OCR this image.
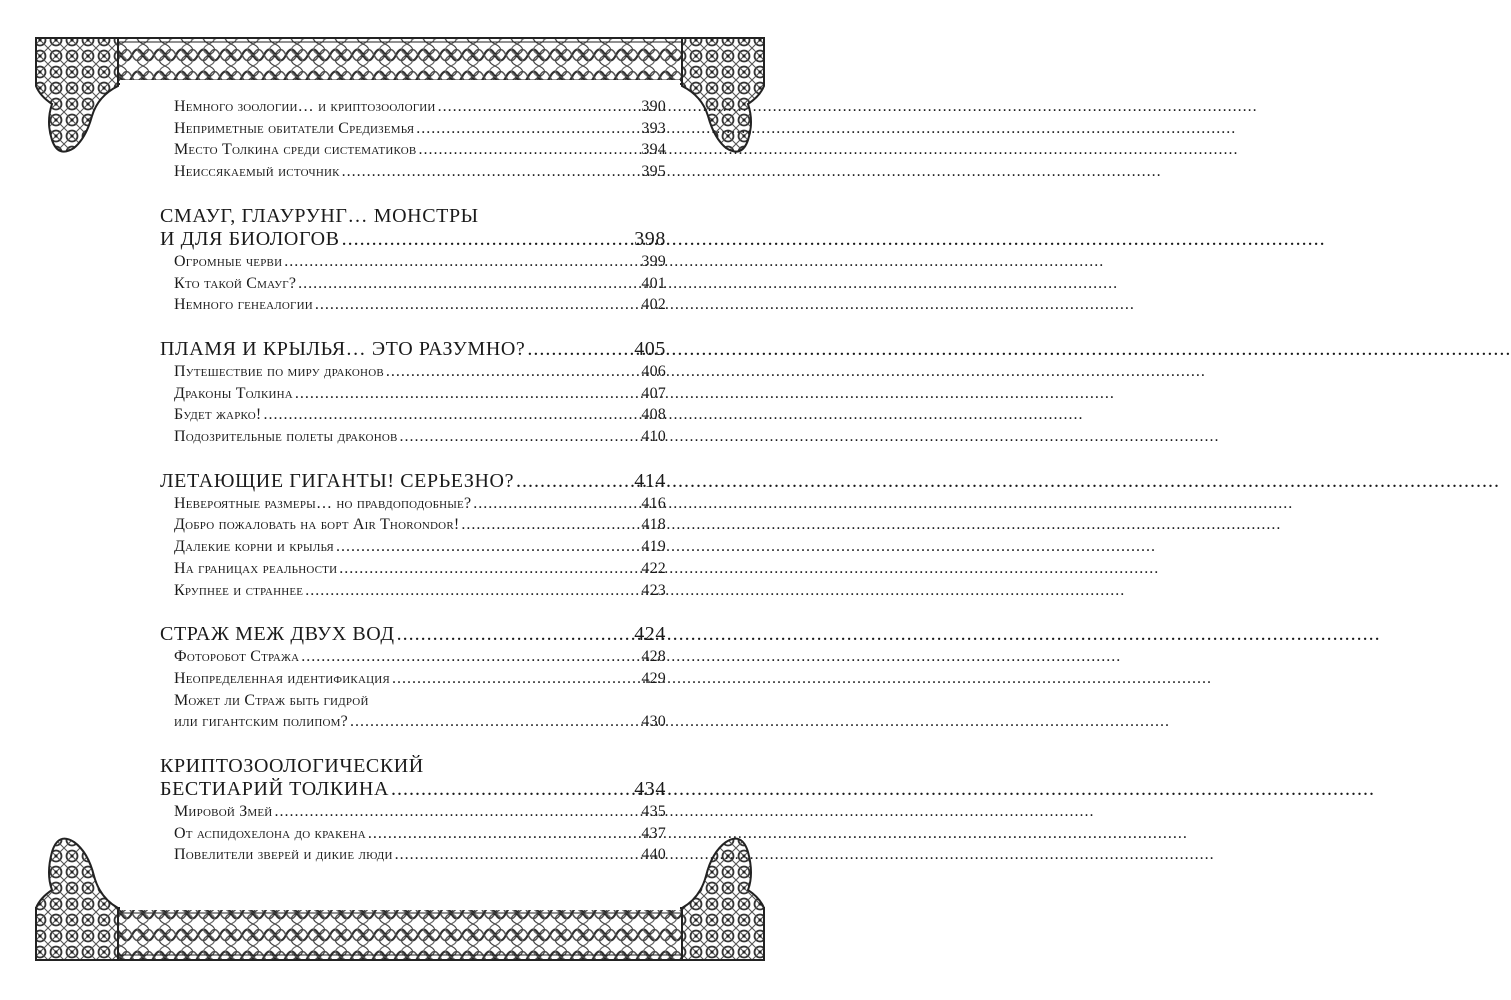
Немного зоологии… и криптозоологии .....	390
Неприметные обитатели Средиземья .....	393
Место Толкина среди систематиков .....	394
Неиссякаемый источник .....	395
СМАУГ, ГЛАУРУНГ… МОНСТРЫ
И ДЛЯ БИОЛОГОВ .....	398
Огромные черви .....	399
Кто такой Смауг? .....	401
Немного генеалогии .....	402
ПЛАМЯ И КРЫЛЬЯ… ЭТО РАЗУМНО? .....	405
Путешествие по миру драконов .....	406
Драконы Толкина .....	407
Будет жарко! .....	408
Подозрительные полеты драконов .....	410
ЛЕТАЮЩИЕ ГИГАНТЫ! СЕРЬЕЗНО? .....	414
Невероятные размеры… но правдоподобные? .....	416
Добро пожаловать на борт Air Thorondor! .....	418
Далекие корни и крылья .....	419
На границах реальности .....	422
Крупнее и страннее .....	423
СТРАЖ МЕЖ ДВУХ ВОД .....	424
Фоторобот Стража .....	428
Неопределенная идентификация .....	429
Может ли Страж быть гидрой
или гигантским полипом? .....	430
КРИПТОЗООЛОГИЧЕСКИЙ
БЕСТИАРИЙ ТОЛКИНА .....	434
Мировой Змей .....	435
От аспидохелона до кракена .....	437
Повелители зверей и дикие люди .....	440
